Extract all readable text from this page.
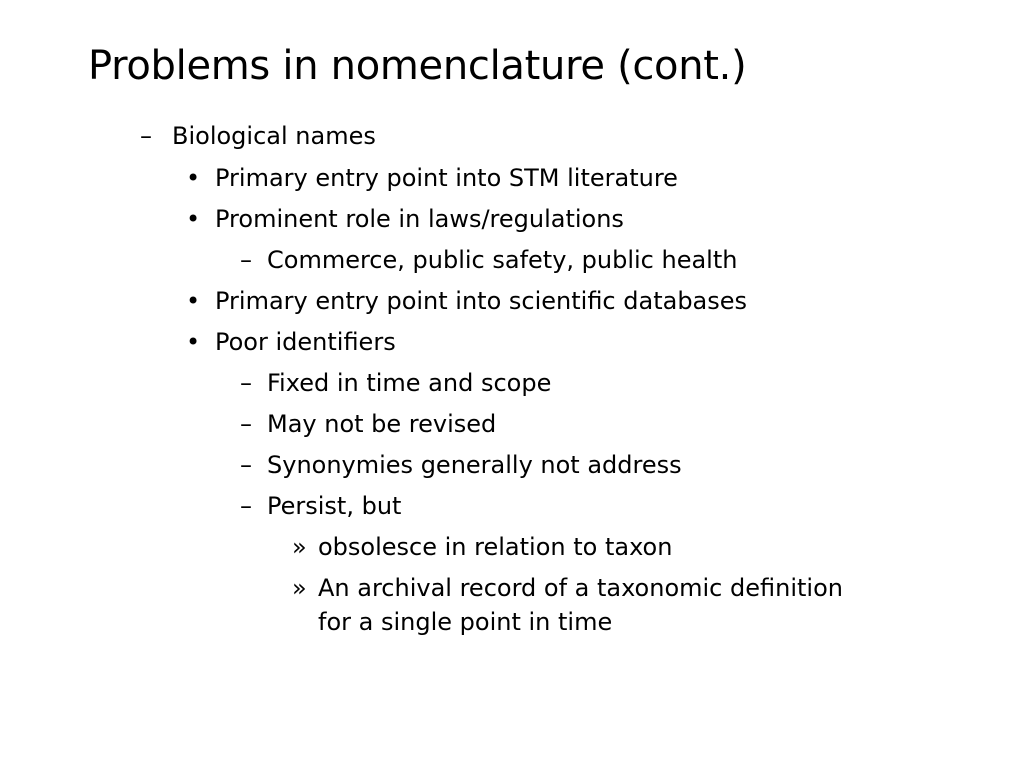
Problems in nomenclature (cont.)
– Biological names
• Primary entry point into STM literature
• Prominent role in laws/regulations
– Commerce, public safety, public health
• Primary entry point into scientific databases
• Poor identifiers
– Fixed in time and scope
– May not be revised
– Synonymies generally not address
– Persist, but
» obsolesce in relation to taxon
» An archival record of a taxonomic definition
for a single point in time
